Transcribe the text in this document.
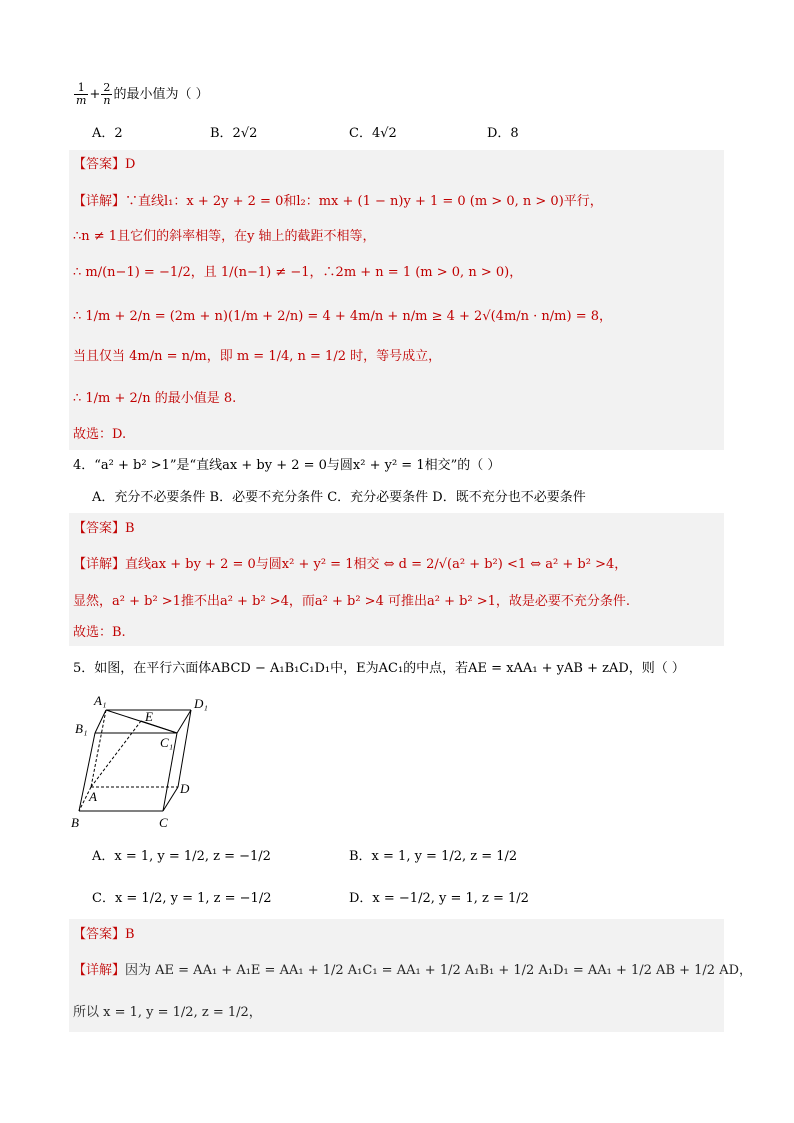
$\frac{1}{m} + \frac{2}{n}$ 的最小值为（ ）
A．2	B．2√2	C．4√2	D．8
【答案】D
【详解】∵直线l₁：x + 2y + 2 = 0和l₂：mx + (1 − n)y + 1 = 0 (m > 0, n > 0)平行，
∴n ≠ 1且它们的斜率相等，在y 轴上的截距不相等，
∴ m/(n−1) = −1/2，且 1/(n−1) ≠ −1，∴2m + n = 1 (m > 0, n > 0)，
∴ 1/m + 2/n = (2m + n)(1/m + 2/n) = 4 + 4m/n + n/m ≥ 4 + 2√(4m/n · n/m) = 8，
当且仅当 4m/n = n/m，即 m = 1/4, n = 1/2 时，等号成立，
∴ 1/m + 2/n 的最小值是 8.
故选：D.
4．“a² + b² >1”是“直线ax + by + 2 = 0与圆x² + y² = 1相交”的（ ）
A．充分不必要条件 B．必要不充分条件 C．充分必要条件 D．既不充分也不必要条件
【答案】B
【详解】直线ax + by + 2 = 0与圆x² + y² = 1相交 ⇔ d = 2/√(a² + b²) <1 ⇔ a² + b² >4，
显然，a² + b² >1推不出a² + b² >4，而a² + b² >4 可推出a² + b² >1，故是必要不充分条件.
故选：B.
5．如图，在平行六面体ABCD − A₁B₁C₁D₁中，E为AC₁的中点，若AE = xAA₁ + yAB + zAD，则（ ）
A₁	D₁
E
B₁
C₁
A
D
B	C
A．x = 1, y = 1/2, z = −1/2	B．x = 1, y = 1/2, z = 1/2
C．x = 1/2, y = 1, z = −1/2	D．x = −1/2, y = 1, z = 1/2
【答案】B
【详解】因为 AE = AA₁ + A₁E = AA₁ + 1/2 A₁C₁ = AA₁ + 1/2 A₁B₁ + 1/2 A₁D₁ = AA₁ + 1/2 AB + 1/2 AD，
所以 x = 1, y = 1/2, z = 1/2，
